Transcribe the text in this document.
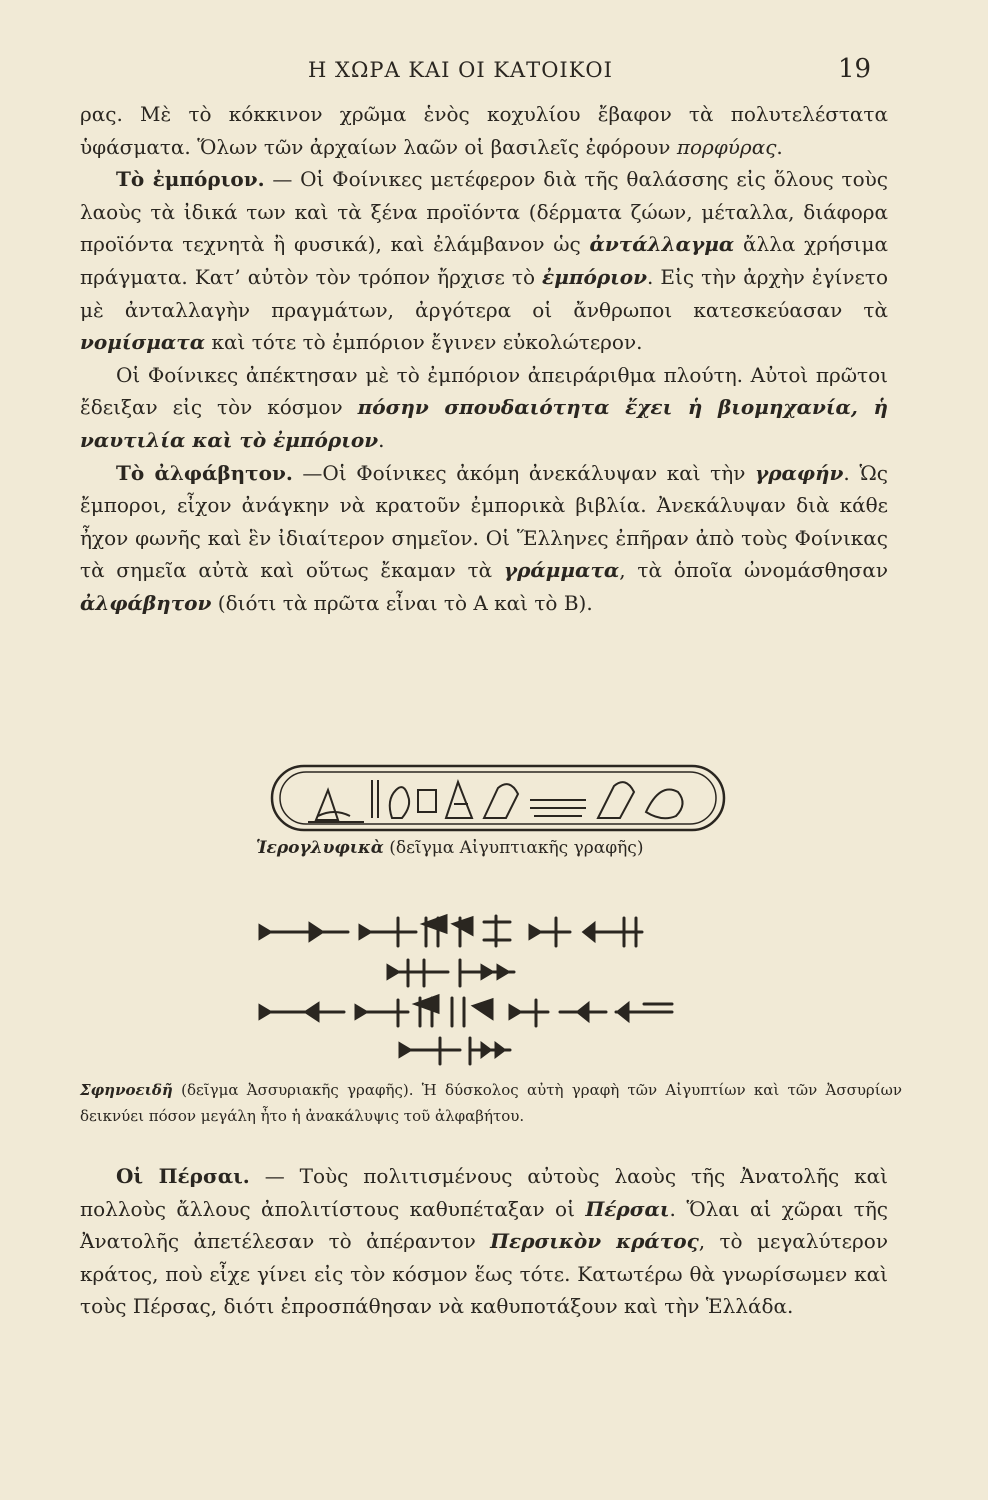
Η ΧΩΡΑ ΚΑΙ ΟΙ ΚΑΤΟΙΚΟΙ	19

ρας. Μὲ τὸ κόκκινον χρῶμα ἑνὸς κοχυλίου ἔβαφον τὰ πολυτελέστατα ὑφάσματα. Ὅλων τῶν ἀρχαίων λαῶν οἱ βασιλεῖς ἐφόρουν πορφύρας.

Τὸ ἐμπόριον. — Οἱ Φοίνικες μετέφερον διὰ τῆς θαλάσσης εἰς ὅλους τοὺς λαοὺς τὰ ἰδικά των καὶ τὰ ξένα προϊόντα (δέρματα ζώων, μέταλλα, διάφορα προϊόντα τεχνητὰ ἢ φυσικά), καὶ ἐλάμβανον ὡς ἀντάλλαγμα ἄλλα χρήσιμα πράγματα. Κατ’ αὐτὸν τὸν τρόπον ἤρχισε τὸ ἐμπόριον. Εἰς τὴν ἀρχὴν ἐγίνετο μὲ ἀνταλλαγὴν πραγμάτων, ἀργότερα οἱ ἄνθρωποι κατεσκεύασαν τὰ νομίσματα καὶ τότε τὸ ἐμπόριον ἔγινεν εὐκολώτερον.

Οἱ Φοίνικες ἀπέκτησαν μὲ τὸ ἐμπόριον ἀπειράριθμα πλούτη. Αὐτοὶ πρῶτοι ἔδειξαν εἰς τὸν κόσμον πόσην σπουδαιότητα ἔχει ἡ βιομηχανία, ἡ ναυτιλία καὶ τὸ ἐμπόριον.

Τὸ ἀλφάβητον. —Οἱ Φοίνικες ἀκόμη ἀνεκάλυψαν καὶ τὴν γραφήν. Ὡς ἔμποροι, εἶχον ἀνάγκην νὰ κρατοῦν ἐμπορικὰ βιβλία. Ἀνεκάλυψαν διὰ κάθε ἦχον φωνῆς καὶ ἓν ἰδιαίτερον σημεῖον. Οἱ Ἕλληνες ἐπῆραν ἀπὸ τοὺς Φοίνικας τὰ σημεῖα αὐτὰ καὶ οὕτως ἔκαμαν τὰ γράμματα, τὰ ὁποῖα ὠνομάσθησαν ἀλφάβητον (διότι τὰ πρῶτα εἶναι τὸ Α καὶ τὸ Β).

Ἱερογλυφικὰ (δεῖγμα Αἰγυπτιακῆς γραφῆς)
Σφηνοειδῆ (δεῖγμα Ἀσσυριακῆς γραφῆς). Ἡ δύσκολος αὐτὴ γραφὴ τῶν Αἰγυπτίων καὶ τῶν Ἀσσυρίων δεικνύει πόσον μεγάλη ἦτο ἡ ἀνακάλυψις τοῦ ἀλφαβήτου.

Οἱ Πέρσαι. — Τοὺς πολιτισμένους αὐτοὺς λαοὺς τῆς Ἀνατολῆς καὶ πολλοὺς ἄλλους ἀπολιτίστους καθυπέταξαν οἱ Πέρσαι. Ὅλαι αἱ χῶραι τῆς Ἀνατολῆς ἀπετέλεσαν τὸ ἀπέραντον Περσικὸν κράτος, τὸ μεγαλύτερον κράτος, ποὺ εἶχε γίνει εἰς τὸν κόσμον ἕως τότε. Κατωτέρω θὰ γνωρίσωμεν καὶ τοὺς Πέρσας, διότι ἐπροσπάθησαν νὰ καθυποτάξουν καὶ τὴν Ἑλλάδα.
